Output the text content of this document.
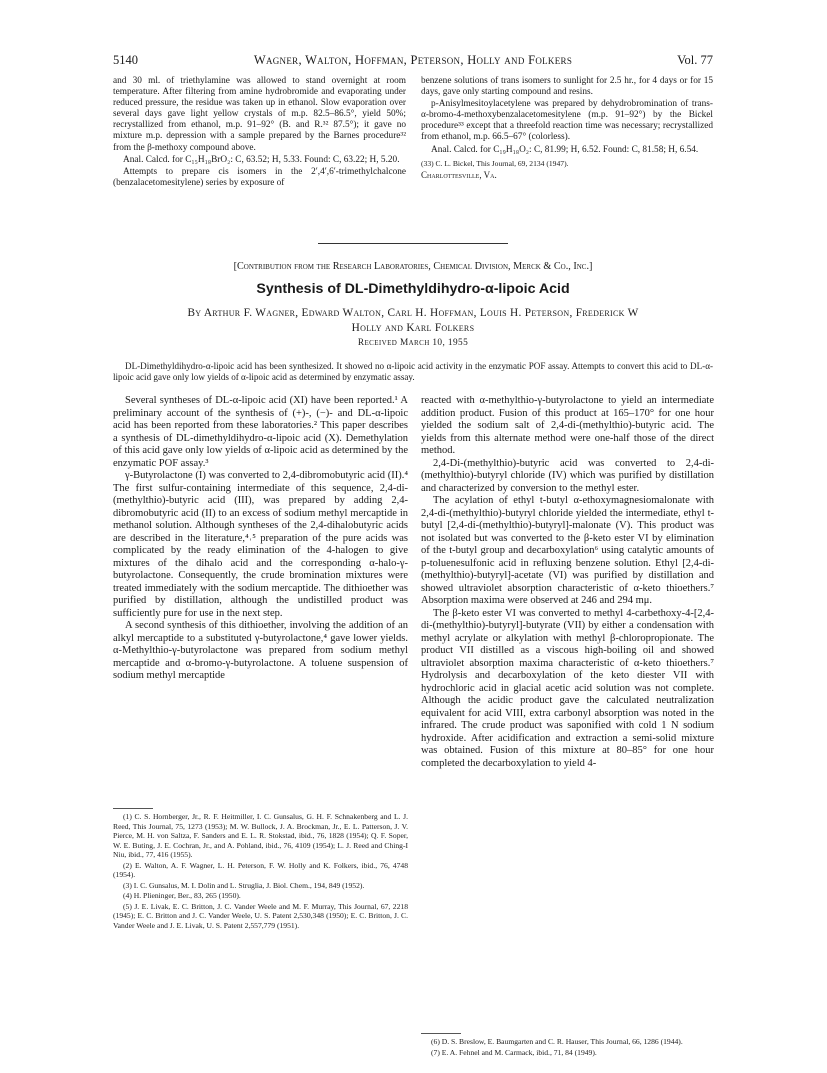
5140	Wagner, Walton, Hoffman, Peterson, Holly and Folkers	Vol. 77

and 30 ml. of triethylamine was allowed to stand overnight at room temperature. After filtering from amine hydrobromide and evaporating under reduced pressure, the residue was taken up in ethanol. Slow evaporation over several days gave light yellow crystals of m.p. 82.5–86.5°, yield 50%; recrystallized from ethanol, m.p. 91–92° (B. and R.³² 87.5°); it gave no mixture m.p. depression with a sample prepared by the Barnes procedure³² from the β-methoxy compound above.

Anal. Calcd. for C₁₅H₁₈BrO₂: C, 63.52; H, 5.33. Found: C, 63.22; H, 5.20.

Attempts to prepare cis isomers in the 2′,4′,6′-trimethylchalcone (benzalacetomesitylene) series by exposure of

benzene solutions of trans isomers to sunlight for 2.5 hr., for 4 days or for 15 days, gave only starting compound and resins.

p-Anisylmesitoylacetylene was prepared by dehydrobromination of trans-α-bromo-4-methoxybenzalacetomesitylene (m.p. 91–92°) by the Bickel procedure³³ except that a threefold reaction time was necessary; recrystallized from ethanol, m.p. 66.5–67° (colorless).

Anal. Calcd. for C₁₉H₁₈O₂: C, 81.99; H, 6.52. Found: C, 81.58; H, 6.54.

(33) C. L. Bickel, This Journal, 69, 2134 (1947).
Charlottesville, Va.
[Contribution from the Research Laboratories, Chemical Division, Merck & Co., Inc.]
Synthesis of DL-Dimethyldihydro-α-lipoic Acid
By Arthur F. Wagner, Edward Walton, Carl H. Hoffman, Louis H. Peterson, Frederick W
Holly and Karl Folkers
Received March 10, 1955

DL-Dimethyldihydro-α-lipoic acid has been synthesized. It showed no α-lipoic acid activity in the enzymatic POF assay. Attempts to convert this acid to DL-α-lipoic acid gave only low yields of α-lipoic acid as determined by enzymatic assay.

Several syntheses of DL-α-lipoic acid (XI) have been reported.¹ A preliminary account of the synthesis of (+)-, (−)- and DL-α-lipoic acid has been reported from these laboratories.² This paper describes a synthesis of DL-dimethyldihydro-α-lipoic acid (X). Demethylation of this acid gave only low yields of α-lipoic acid as determined by the enzymatic POF assay.³

γ-Butyrolactone (I) was converted to 2,4-dibromobutyric acid (II).⁴ The first sulfur-containing intermediate of this sequence, 2,4-di-(methylthio)-butyric acid (III), was prepared by adding 2,4-dibromobutyric acid (II) to an excess of sodium methyl mercaptide in methanol solution. Although syntheses of the 2,4-dihalobutyric acids are described in the literature,⁴˒⁵ preparation of the pure acids was complicated by the ready elimination of the 4-halogen to give mixtures of the dihalo acid and the corresponding α-halo-γ-butyrolactone. Consequently, the crude bromination mixtures were treated immediately with the sodium mercaptide. The dithioether was purified by distillation, although the undistilled product was sufficiently pure for use in the next step.

A second synthesis of this dithioether, involving the addition of an alkyl mercaptide to a substituted γ-butyrolactone,⁴ gave lower yields. α-Methylthio-γ-butyrolactone was prepared from sodium methyl mercaptide and α-bromo-γ-butyrolactone. A toluene suspension of sodium methyl mercaptide

reacted with α-methylthio-γ-butyrolactone to yield an intermediate addition product. Fusion of this product at 165–170° for one hour yielded the sodium salt of 2,4-di-(methylthio)-butyric acid. The yields from this alternate method were one-half those of the direct method.

2,4-Di-(methylthio)-butyric acid was converted to 2,4-di-(methylthio)-butyryl chloride (IV) which was purified by distillation and characterized by conversion to the methyl ester.

The acylation of ethyl t-butyl α-ethoxymagnesiomalonate with 2,4-di-(methylthio)-butyryl chloride yielded the intermediate, ethyl t-butyl [2,4-di-(methylthio)-butyryl]-malonate (V). This product was not isolated but was converted to the β-keto ester VI by elimination of the t-butyl group and decarboxylation⁶ using catalytic amounts of p-toluenesulfonic acid in refluxing benzene solution. Ethyl [2,4-di-(methylthio)-butyryl]-acetate (VI) was purified by distillation and showed ultraviolet absorption characteristic of α-keto thioethers.⁷ Absorption maxima were observed at 246 and 294 mμ.

The β-keto ester VI was converted to methyl 4-carbethoxy-4-[2,4-di-(methylthio)-butyryl]-butyrate (VII) by either a condensation with methyl acrylate or alkylation with methyl β-chloropropionate. The product VII distilled as a viscous high-boiling oil and showed ultraviolet absorption maxima characteristic of α-keto thioethers.⁷ Hydrolysis and decarboxylation of the keto diester VII with hydrochloric acid in glacial acetic acid solution was not complete. Although the acidic product gave the calculated neutralization equivalent for acid VIII, extra carbonyl absorption was noted in the infrared. The crude product was saponified with cold 1 N sodium hydroxide. After acidification and extraction a semi-solid mixture was obtained. Fusion of this mixture at 80–85° for one hour completed the decarboxylation to yield 4-

(1) C. S. Hornberger, Jr., R. F. Heitmiller, I. C. Gunsalus, G. H. F. Schnakenberg and L. J. Reed, This Journal, 75, 1273 (1953); M. W. Bullock, J. A. Brockman, Jr., E. L. Patterson, J. V. Pierce, M. H. von Saltza, F. Sanders and E. L. R. Stokstad, ibid., 76, 1828 (1954); Q. F. Soper, W. E. Buting, J. E. Cochran, Jr., and A. Pohland, ibid., 76, 4109 (1954); L. J. Reed and Ching-I Niu, ibid., 77, 416 (1955).

(2) E. Walton, A. F. Wagner, L. H. Peterson, F. W. Holly and K. Folkers, ibid., 76, 4748 (1954).

(3) I. C. Gunsalus, M. I. Dolin and L. Struglia, J. Biol. Chem., 194, 849 (1952).

(4) H. Plieninger, Ber., 83, 265 (1950).

(5) J. E. Livak, E. C. Britton, J. C. Vander Weele and M. F. Murray, This Journal, 67, 2218 (1945); E. C. Britton and J. C. Vander Weele, U. S. Patent 2,530,348 (1950); E. C. Britton, J. C. Vander Weele and J. E. Livak, U. S. Patent 2,557,779 (1951).

(6) D. S. Breslow, E. Baumgarten and C. R. Hauser, This Journal, 66, 1286 (1944).

(7) E. A. Fehnel and M. Carmack, ibid., 71, 84 (1949).
